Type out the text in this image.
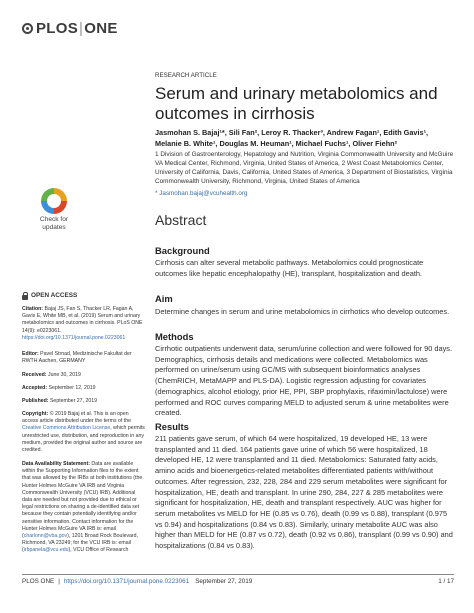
PLOS|ONE
RESEARCH ARTICLE
Serum and urinary metabolomics and outcomes in cirrhosis
Jasmohan S. Bajaj¹*, Sili Fan², Leroy R. Thacker³, Andrew Fagan¹, Edith Gavis¹, Melanie B. White¹, Douglas M. Heuman¹, Michael Fuchs¹, Oliver Fiehn²
1 Division of Gastroenterology, Hepatology and Nutrition, Virginia Commonwealth University and McGuire VA Medical Center, Richmond, Virginia, United States of America, 2 West Coast Metabolomics Center, University of California, Davis, California, United States of America, 3 Department of Biostatistics, Virginia Commonwealth University, Richmond, Virginia, United States of America
* Jasmohan.bajaj@vcuhealth.org
Check for
updates
OPEN ACCESS
Citation: Bajaj JS, Fan S, Thacker LR, Fagan A, Gavis E, White MB, et al. (2019) Serum and urinary metabolomics and outcomes in cirrhosis. PLoS ONE 14(9): e0223061. https://doi.org/10.1371/journal.pone.0223061
Editor: Pavel Strnad, Medizinische Fakultat der RWTH Aachen, GERMANY
Received: June 30, 2019
Accepted: September 12, 2019
Published: September 27, 2019
Copyright: © 2019 Bajaj et al. This is an open access article distributed under the terms of the Creative Commons Attribution License, which permits unrestricted use, distribution, and reproduction in any medium, provided the original author and source are credited.
Data Availability Statement: Data are available within the Supporting Information files to the extent that was allowed by the IRBs at both institutions (the Hunter Holmes McGuire VA IRB and Virginia Commonwealth University (VCU) IRB). Additional data are needed but not provided due to ethical or legal restrictions on sharing a de-identified data set because they contain potentially identifying and/or sensitive information. Contact information for the Hunter Holmes McGuire VA IRB is: email (charlonn@vba.gov), 1201 Broad Rock Boulevard, Richmond, VA 23249; for the VCU IRB is: email (irbpanela@vcu.edu), VCU Office of Research
Abstract
Background
Cirrhosis can alter several metabolic pathways. Metabolomics could prognosticate outcomes like hepatic encephalopathy (HE), transplant, hospitalization and death.
Aim
Determine changes in serum and urine metabolomics in cirrhotics who develop outcomes.
Methods
Cirrhotic outpatients underwent data, serum/urine collection and were followed for 90 days. Demographics, cirrhosis details and medications were collected. Metabolomics was performed on urine/serum using GC/MS with subsequent bioinformatics analyses (ChemRICH, MetaMAPP and PLS-DA). Logistic regression adjusting for covariates (demographics, alcohol etiology, prior HE, PPI, SBP prophylaxis, rifaximin/lactulose) were performed and ROC curves comparing MELD to adjusted serum & urine metabolites were created.
Results
211 patients gave serum, of which 64 were hospitalized, 19 developed HE, 13 were transplanted and 11 died. 164 patients gave urine of which 56 were hospitalized, 18 developed HE, 12 were transplanted and 11 died. Metabolomics: Saturated fatty acids, amino acids and bioenergetics-related metabolites differentiated patients with/without outcomes. After regression, 232, 228, 284 and 229 serum metabolites were significant for hospitalization, HE, death and transplant. In urine 290, 284, 227 & 285 metabolites were significant for hospitalization, HE, death and transplant respectively. AUC was higher for serum metabolites vs MELD for HE (0.85 vs 0.76), death (0.99 vs 0.88), transplant (0.975 vs 0.94) and hospitalizations (0.84 vs 0.83). Similarly, urinary metabolite AUC was also higher than MELD for HE (0.87 vs 0.72), death (0.92 vs 0.86), transplant (0.99 vs 0.90) and hospitalizations (0.84 vs 0.83).
PLOS ONE | https://doi.org/10.1371/journal.pone.0223061 September 27, 2019	1 / 17
